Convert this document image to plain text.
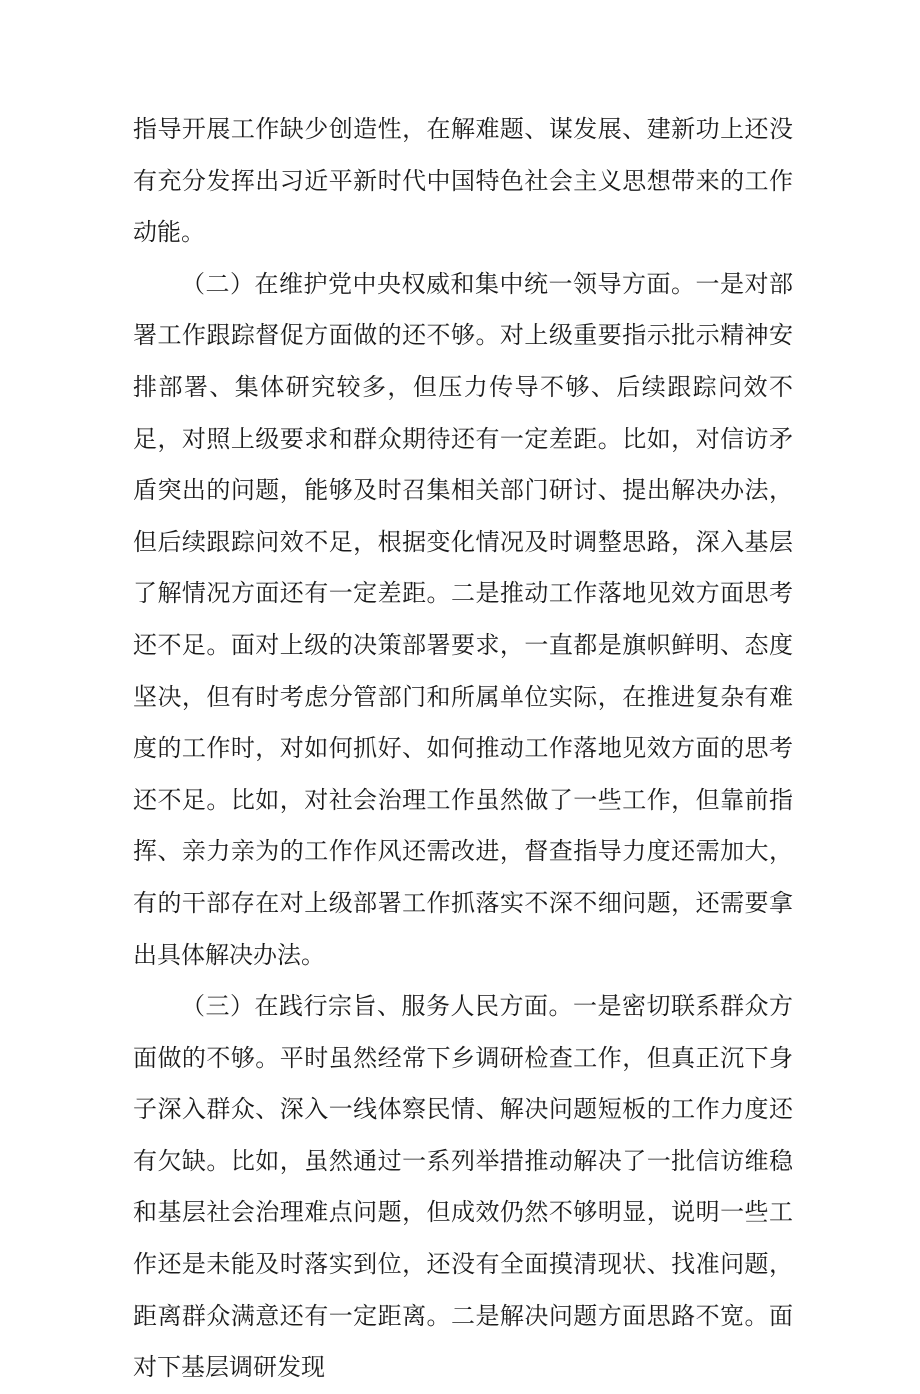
指导开展工作缺少创造性，在解难题、谋发展、建新功上还没有充分发挥出习近平新时代中国特色社会主义思想带来的工作动能。

（二）在维护党中央权威和集中统一领导方面。一是对部署工作跟踪督促方面做的还不够。对上级重要指示批示精神安排部署、集体研究较多，但压力传导不够、后续跟踪问效不足，对照上级要求和群众期待还有一定差距。比如，对信访矛盾突出的问题，能够及时召集相关部门研讨、提出解决办法，但后续跟踪问效不足，根据变化情况及时调整思路，深入基层了解情况方面还有一定差距。二是推动工作落地见效方面思考还不足。面对上级的决策部署要求，一直都是旗帜鲜明、态度坚决，但有时考虑分管部门和所属单位实际，在推进复杂有难度的工作时，对如何抓好、如何推动工作落地见效方面的思考还不足。比如，对社会治理工作虽然做了一些工作，但靠前指挥、亲力亲为的工作作风还需改进，督查指导力度还需加大，有的干部存在对上级部署工作抓落实不深不细问题，还需要拿出具体解决办法。

（三）在践行宗旨、服务人民方面。一是密切联系群众方面做的不够。平时虽然经常下乡调研检查工作，但真正沉下身子深入群众、深入一线体察民情、解决问题短板的工作力度还有欠缺。比如，虽然通过一系列举措推动解决了一批信访维稳和基层社会治理难点问题，但成效仍然不够明显，说明一些工作还是未能及时落实到位，还没有全面摸清现状、找准问题，距离群众满意还有一定距离。二是解决问题方面思路不宽。面对下基层调研发现
